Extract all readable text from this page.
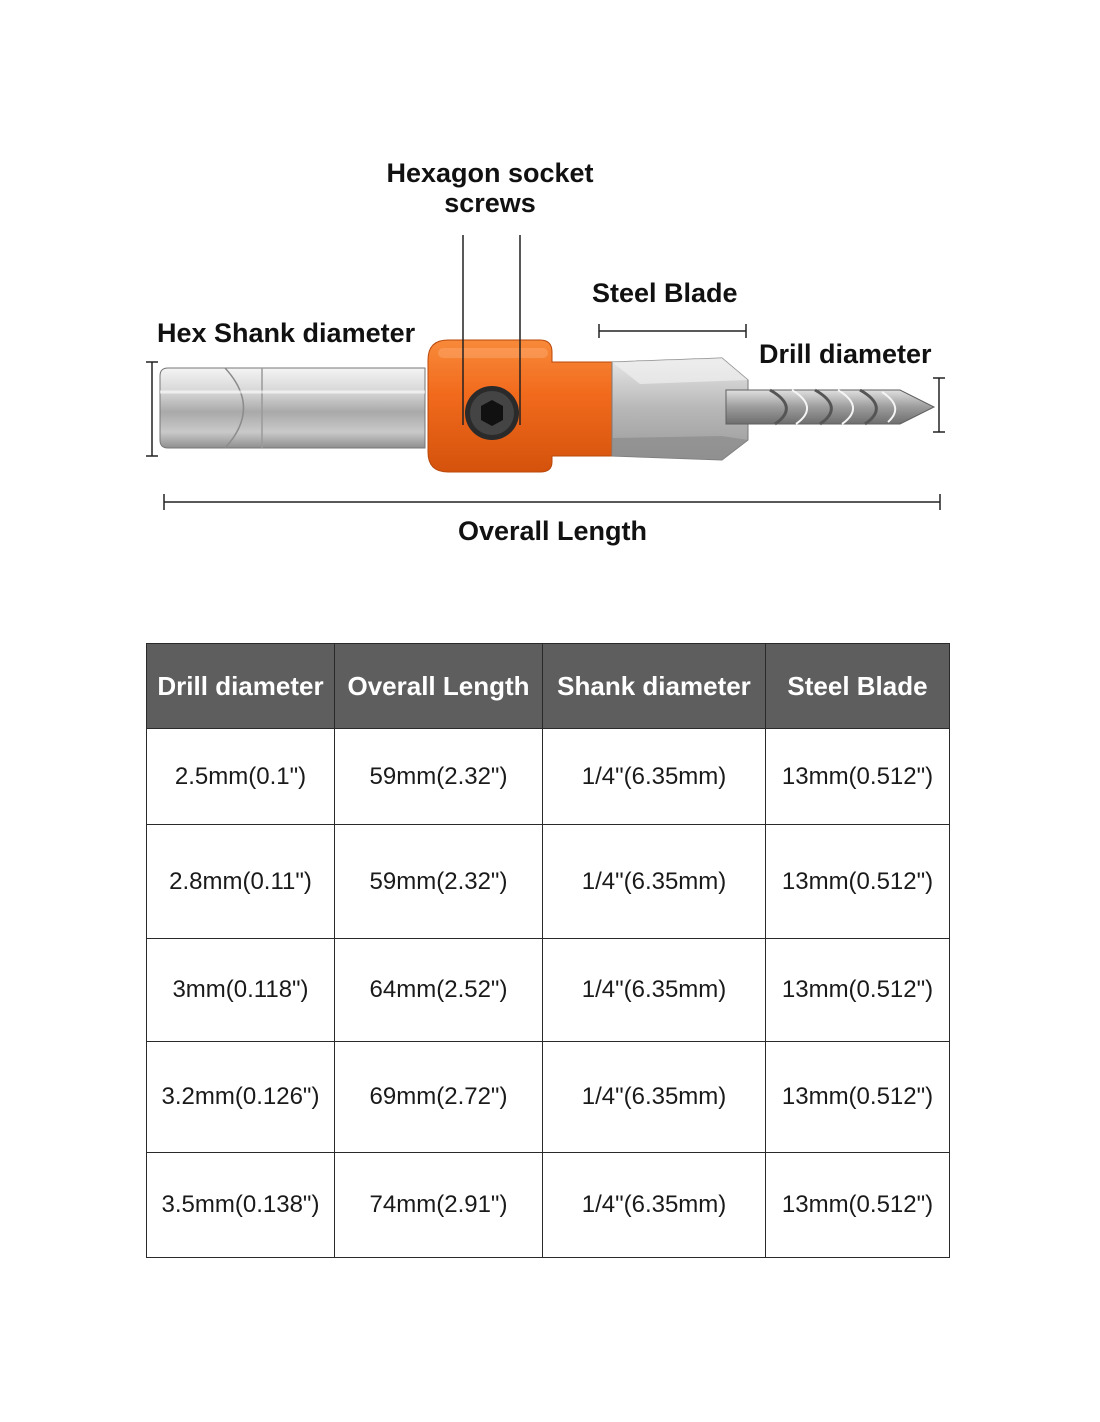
Hexagon socket
screws
Steel Blade
Hex Shank diameter
Drill diameter
Overall Length
Drill diameter	Overall Length	Shank diameter	Steel Blade
2.5mm(0.1")	59mm(2.32")	1/4"(6.35mm)	13mm(0.512")
2.8mm(0.11")	59mm(2.32")	1/4"(6.35mm)	13mm(0.512")
3mm(0.118")	64mm(2.52")	1/4"(6.35mm)	13mm(0.512")
3.2mm(0.126")	69mm(2.72")	1/4"(6.35mm)	13mm(0.512")
3.5mm(0.138")	74mm(2.91")	1/4"(6.35mm)	13mm(0.512")
